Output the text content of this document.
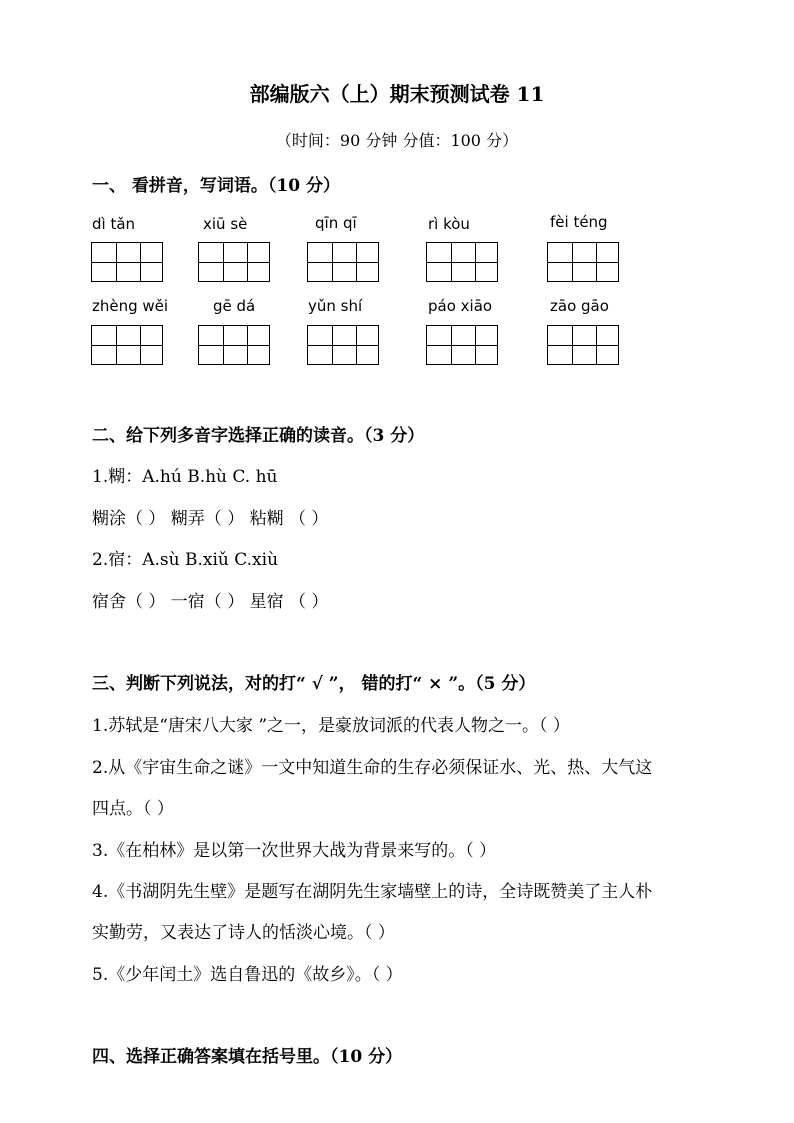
部编版六（上）期末预测试卷 11
（时间：90 分钟 分值：100 分）
一、 看拼音，写词语。（10 分）
dì tǎn	xiū sè	qīn qī	rì kòu	fèi téng
zhèng wěi	gē dá	yǔn shí	páo xiāo	zāo gāo
二、给下列多音字选择正确的读音。（3 分）
1.糊：A.hú B.hù C. hū
糊涂（ ） 糊弄（ ） 粘糊 （ ）
2.宿：A.sù B.xiǔ C.xiù
宿舍（ ） 一宿（ ） 星宿 （ ）
三、判断下列说法，对的打“ √ ”， 错的打“ × ”。（5 分）
1.苏轼是“唐宋八大家 ”之一，是豪放词派的代表人物之一。（ ）
2.从《宇宙生命之谜》一文中知道生命的生存必须保证水、光、热、大气这
四点。（ ）
3.《在柏林》是以第一次世界大战为背景来写的。（ ）
4.《书湖阴先生壁》是题写在湖阴先生家墙壁上的诗，全诗既赞美了主人朴
实勤劳，又表达了诗人的恬淡心境。（ ）
5.《少年闰土》选自鲁迅的《故乡》。（ ）
四、选择正确答案填在括号里。（10 分）
